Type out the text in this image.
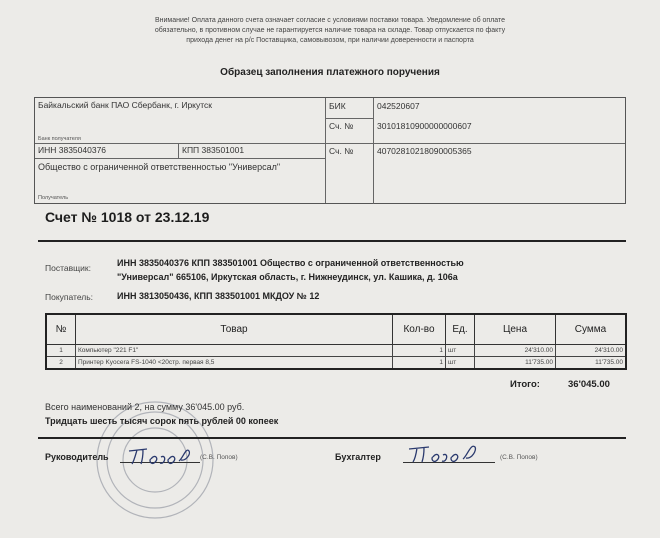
Внимание! Оплата данного счета означает согласие с условиями поставки товара. Уведомление об оплате
обязательно, в противном случае не гарантируется наличие товара на складе. Товар отпускается по факту
прихода денег на р/с Поставщика, самовывозом, при наличии доверенности и паспорта
Образец заполнения платежного поручения
Байкальский банк ПАО Сбербанк, г. Иркутск
Банк получателя
ИНН 3835040376	КПП 383501001
Общество с ограниченной ответственностью "Универсал"
Получатель
БИК	042520607
Сч. №	30101810900000000607
Сч. №	40702810218090005365
Счет № 1018 от 23.12.19
Поставщик:	ИНН 3835040376 КПП 383501001 Общество с ограниченной ответственностью
"Универсал" 665106, Иркутская область, г. Нижнеудинск, ул. Кашика, д. 106а
Покупатель:	ИНН 3813050436, КПП 383501001 МКДОУ № 12
№	Товар	Кол-во	Ед.	Цена	Сумма
1	Компьютер "221 F1"	1	шт	24'310.00	24'310.00
2	Принтер Kyocera FS-1040 <20стр. первая 8,5	1	шт	11'735.00	11'735.00
Итого:	36'045.00
Всего наименований 2, на сумму 36'045.00 руб.
Тридцать шесть тысяч сорок пять рублей 00 копеек
Руководитель	(С.В. Попов)	Бухгалтер	(С.В. Попов)
